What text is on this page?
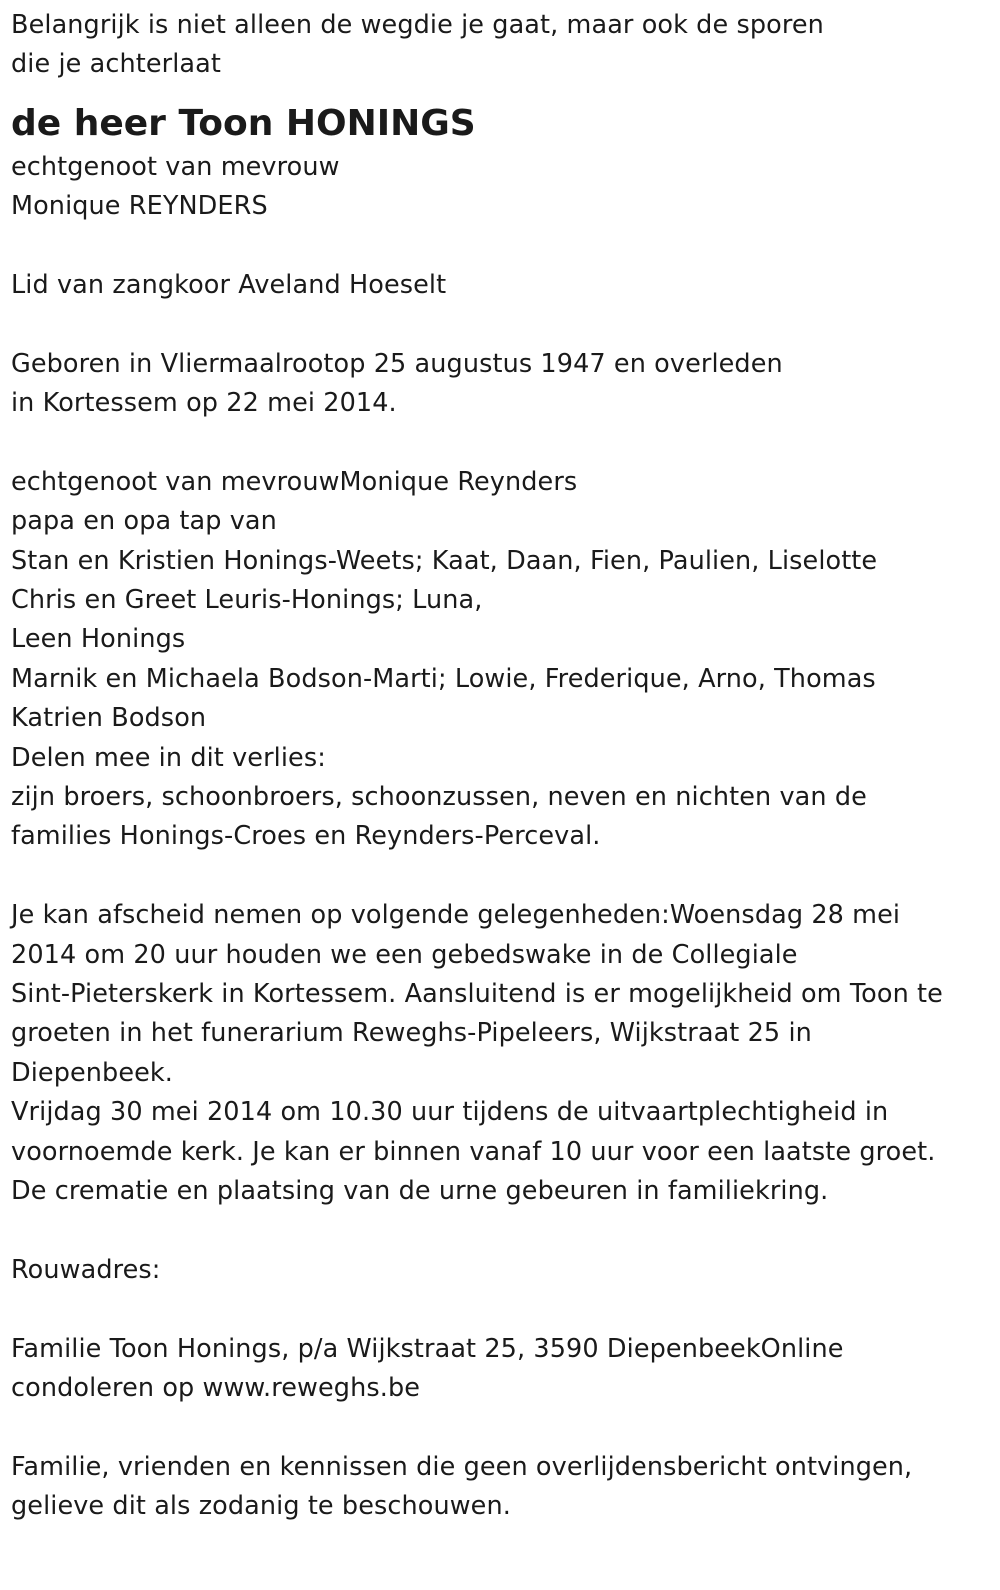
Belangrijk is niet alleen de wegdie je gaat, maar ook de sporen
die je achterlaat
de heer Toon HONINGS
echtgenoot van mevrouw
Monique REYNDERS
Lid van zangkoor Aveland Hoeselt
Geboren in Vliermaalrootop 25 augustus 1947 en overleden
in Kortessem op 22 mei 2014.
echtgenoot van mevrouwMonique Reynders
papa en opa tap van
Stan en Kristien Honings-Weets; Kaat, Daan, Fien, Paulien, Liselotte
Chris en Greet Leuris-Honings; Luna,
Leen Honings
Marnik en Michaela Bodson-Marti; Lowie, Frederique, Arno, Thomas
Katrien Bodson
Delen mee in dit verlies:
zijn broers, schoonbroers, schoonzussen, neven en nichten van de
families Honings-Croes en Reynders-Perceval.
Je kan afscheid nemen op volgende gelegenheden:Woensdag 28 mei
2014 om 20 uur houden we een gebedswake in de Collegiale
Sint-Pieterskerk in Kortessem. Aansluitend is er mogelijkheid om Toon te
groeten in het funerarium Reweghs-Pipeleers, Wijkstraat 25 in
Diepenbeek.
Vrijdag 30 mei 2014 om 10.30 uur tijdens de uitvaartplechtigheid in
voornoemde kerk. Je kan er binnen vanaf 10 uur voor een laatste groet.
De crematie en plaatsing van de urne gebeuren in familiekring.
Rouwadres:
Familie Toon Honings, p/a Wijkstraat 25, 3590 DiepenbeekOnline
condoleren op www.reweghs.be
Familie, vrienden en kennissen die geen overlijdensbericht ontvingen,
gelieve dit als zodanig te beschouwen.
